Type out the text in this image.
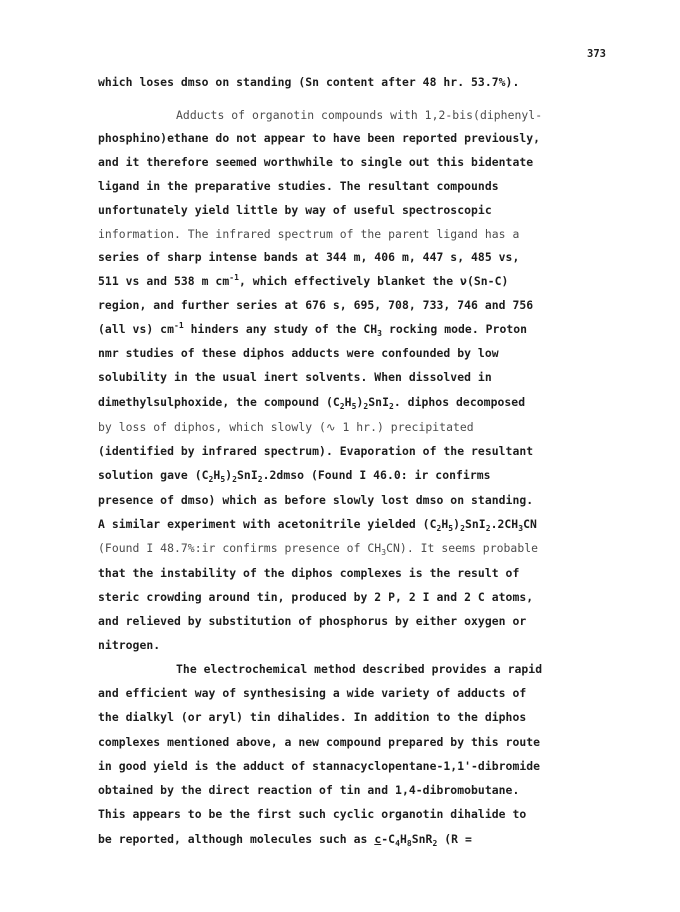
373
which loses dmso on standing (Sn content after 48 hr. 53.7%).
Adducts of organotin compounds with 1,2-bis(diphenyl-
phosphino)ethane do not appear to have been reported previously,
and it therefore seemed worthwhile to single out this bidentate
ligand in the preparative studies. The resultant compounds
unfortunately yield little by way of useful spectroscopic
information. The infrared spectrum of the parent ligand has a
series of sharp intense bands at 344 m, 406 m, 447 s, 485 vs,
511 vs and 538 m $cm^{-1}$, which effectively blanket the ν(Sn-C)
region, and further series at 676 s, 695, 708, 733, 746 and 756
(all vs) $cm^{-1}$ hinders any study of the $CH_3$ rocking mode. Proton
nmr studies of these diphos adducts were confounded by low
solubility in the usual inert solvents. When dissolved in
dimethylsulphoxide, the compound $(C_2H_5)_2SnI_2$. diphos decomposed
by loss of diphos, which slowly (∿ 1 hr.) precipitated
(identified by infrared spectrum). Evaporation of the resultant
solution gave $(C_2H_5)_2SnI_2.2dmso$ (Found I 46.0: ir confirms
presence of dmso) which as before slowly lost dmso on standing.
A similar experiment with acetonitrile yielded $(C_2H_5)_2SnI_2.2CH_3CN$
(Found I 48.7%:ir confirms presence of $CH_3CN$). It seems probable
that the instability of the diphos complexes is the result of
steric crowding around tin, produced by 2 P, 2 I and 2 C atoms,
and relieved by substitution of phosphorus by either oxygen or
nitrogen.
The electrochemical method described provides a rapid
and efficient way of synthesising a wide variety of adducts of
the dialkyl (or aryl) tin dihalides. In addition to the diphos
complexes mentioned above, a new compound prepared by this route
in good yield is the adduct of stannacyclopentane-1,1'-dibromide
obtained by the direct reaction of tin and 1,4-dibromobutane.
This appears to be the first such cyclic organotin dihalide to
be reported, although molecules such as $c-C_4H_8SnR_2$ (R =
